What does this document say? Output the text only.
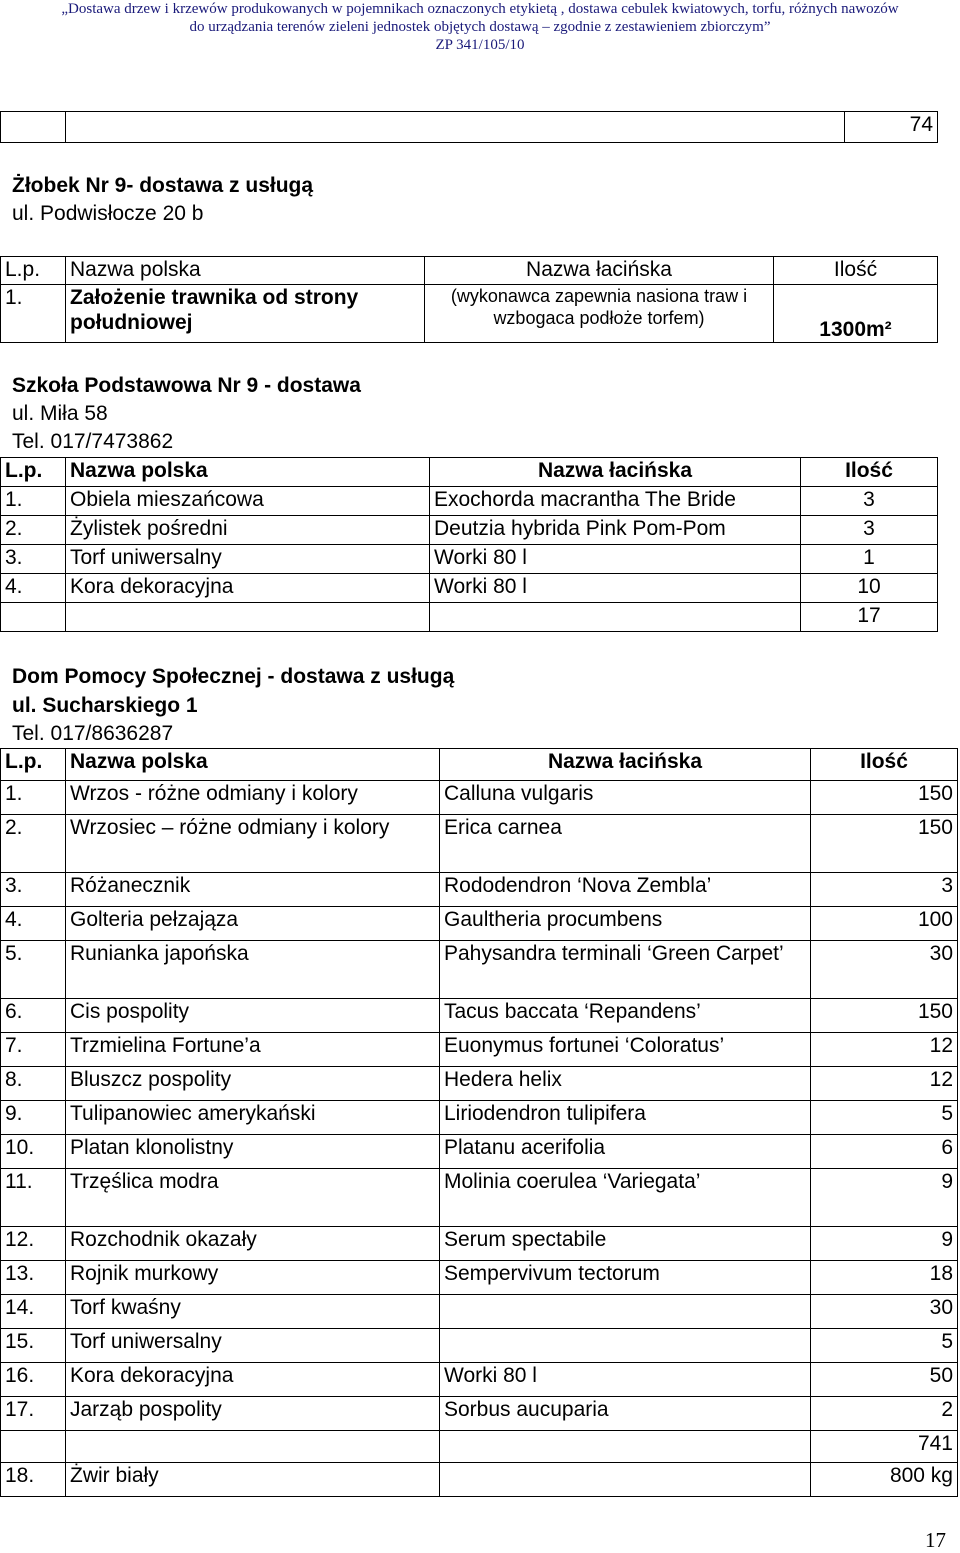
„Dostawa drzew i krzewów produkowanych w pojemnikach oznaczonych etykietą , dostawa cebulek kwiatowych, torfu, różnych nawozów
do urządzania terenów zieleni jednostek objętych dostawą – zgodnie z zestawieniem zbiorczym”
ZP 341/105/10
		74
Żłobek Nr 9- dostawa z usługą
ul. Podwisłocze 20 b
L.p.	Nazwa polska	Nazwa łacińska	Ilość
1.	Założenie trawnika od strony południowej	(wykonawca zapewnia nasiona traw i wzbogaca podłoże torfem)	1300m²
Szkoła Podstawowa Nr 9 - dostawa
ul. Miła 58
Tel. 017/7473862
L.p.	Nazwa polska	Nazwa łacińska	Ilość
1.	Obiela mieszańcowa	Exochorda macrantha The Bride	3
2.	Żylistek pośredni	Deutzia hybrida Pink Pom-Pom	3
3.	Torf uniwersalny	Worki 80 l	1
4.	Kora dekoracyjna	Worki 80 l	10
			17
Dom Pomocy Społecznej - dostawa z usługą
ul. Sucharskiego 1
Tel. 017/8636287
L.p.	Nazwa polska	Nazwa łacińska	Ilość
1.	Wrzos - różne odmiany i kolory	Calluna vulgaris	150
2.	Wrzosiec – różne odmiany i kolory	Erica carnea	150
3.	Różanecznik	Rododendron ‘Nova Zembla’	3
4.	Golteria pełzająza	Gaultheria procumbens	100
5.	Runianka japońska	Pahysandra terminali ‘Green Carpet’	30
6.	Cis pospolity	Tacus baccata ‘Repandens’	150
7.	Trzmielina Fortune’a	Euonymus fortunei ‘Coloratus’	12
8.	Bluszcz pospolity	Hedera helix	12
9.	Tulipanowiec amerykański	Liriodendron tulipifera	5
10.	Platan klonolistny	Platanu acerifolia	6
11.	Trzęślica modra	Molinia coerulea ‘Variegata’	9
12.	Rozchodnik okazały	Serum spectabile	9
13.	Rojnik murkowy	Sempervivum tectorum	18
14.	Torf kwaśny		30
15.	Torf uniwersalny		5
16.	Kora dekoracyjna	Worki 80 l	50
17.	Jarząb pospolity	Sorbus aucuparia	2
			741
18.	Żwir biały		800 kg
17
